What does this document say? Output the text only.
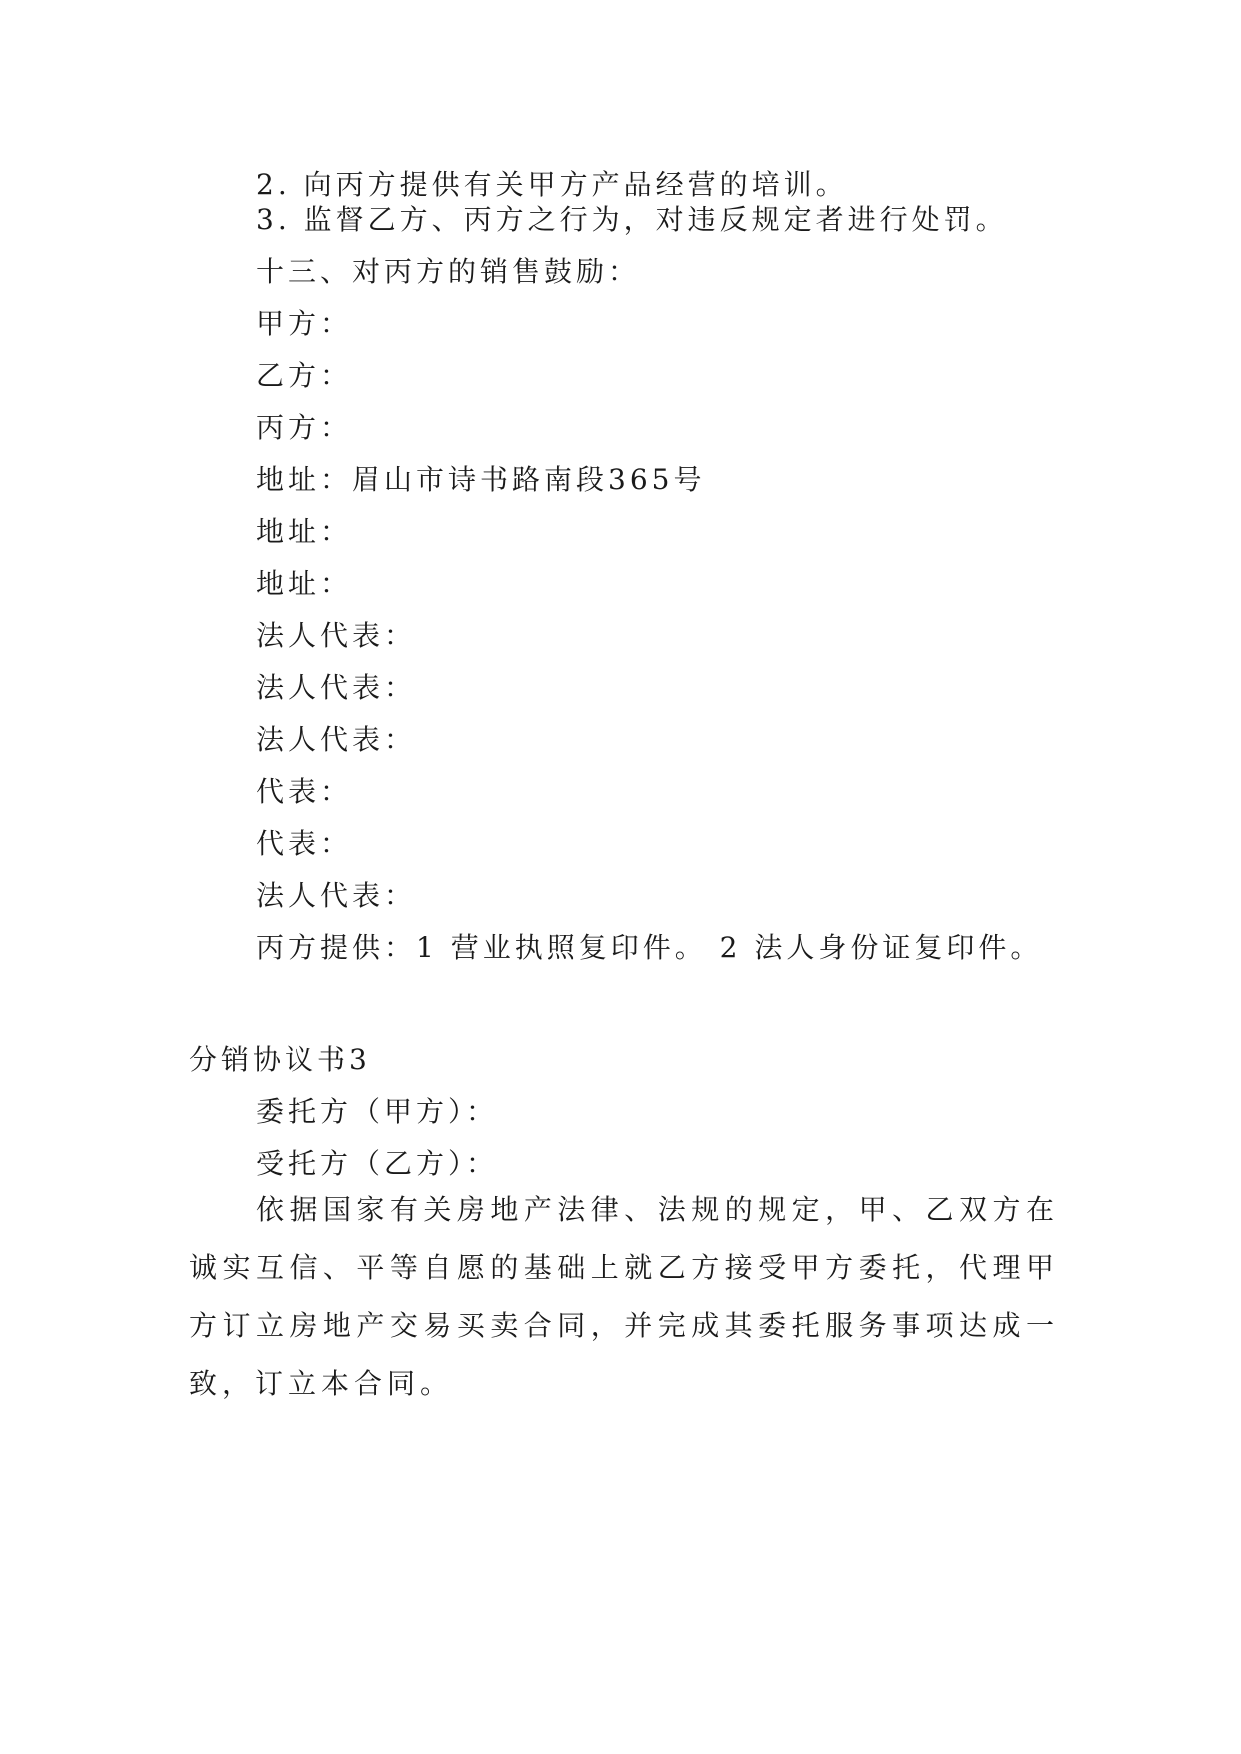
2. 向丙方提供有关甲方产品经营的培训。
3. 监督乙方、丙方之行为，对违反规定者进行处罚。
十三、对丙方的销售鼓励：
甲方：
乙方：
丙方：
地址：眉山市诗书路南段365号
地址：
地址：
法人代表：
法人代表：
法人代表：
代表：
代表：
法人代表：
丙方提供：1 营业执照复印件。 2 法人身份证复印件。
分销协议书3
委托方（甲方）：
受托方（乙方）：
依据国家有关房地产法律、法规的规定，甲、乙双方在诚实互信、平等自愿的基础上就乙方接受甲方委托，代理甲方订立房地产交易买卖合同，并完成其委托服务事项达成一致，订立本合同。
